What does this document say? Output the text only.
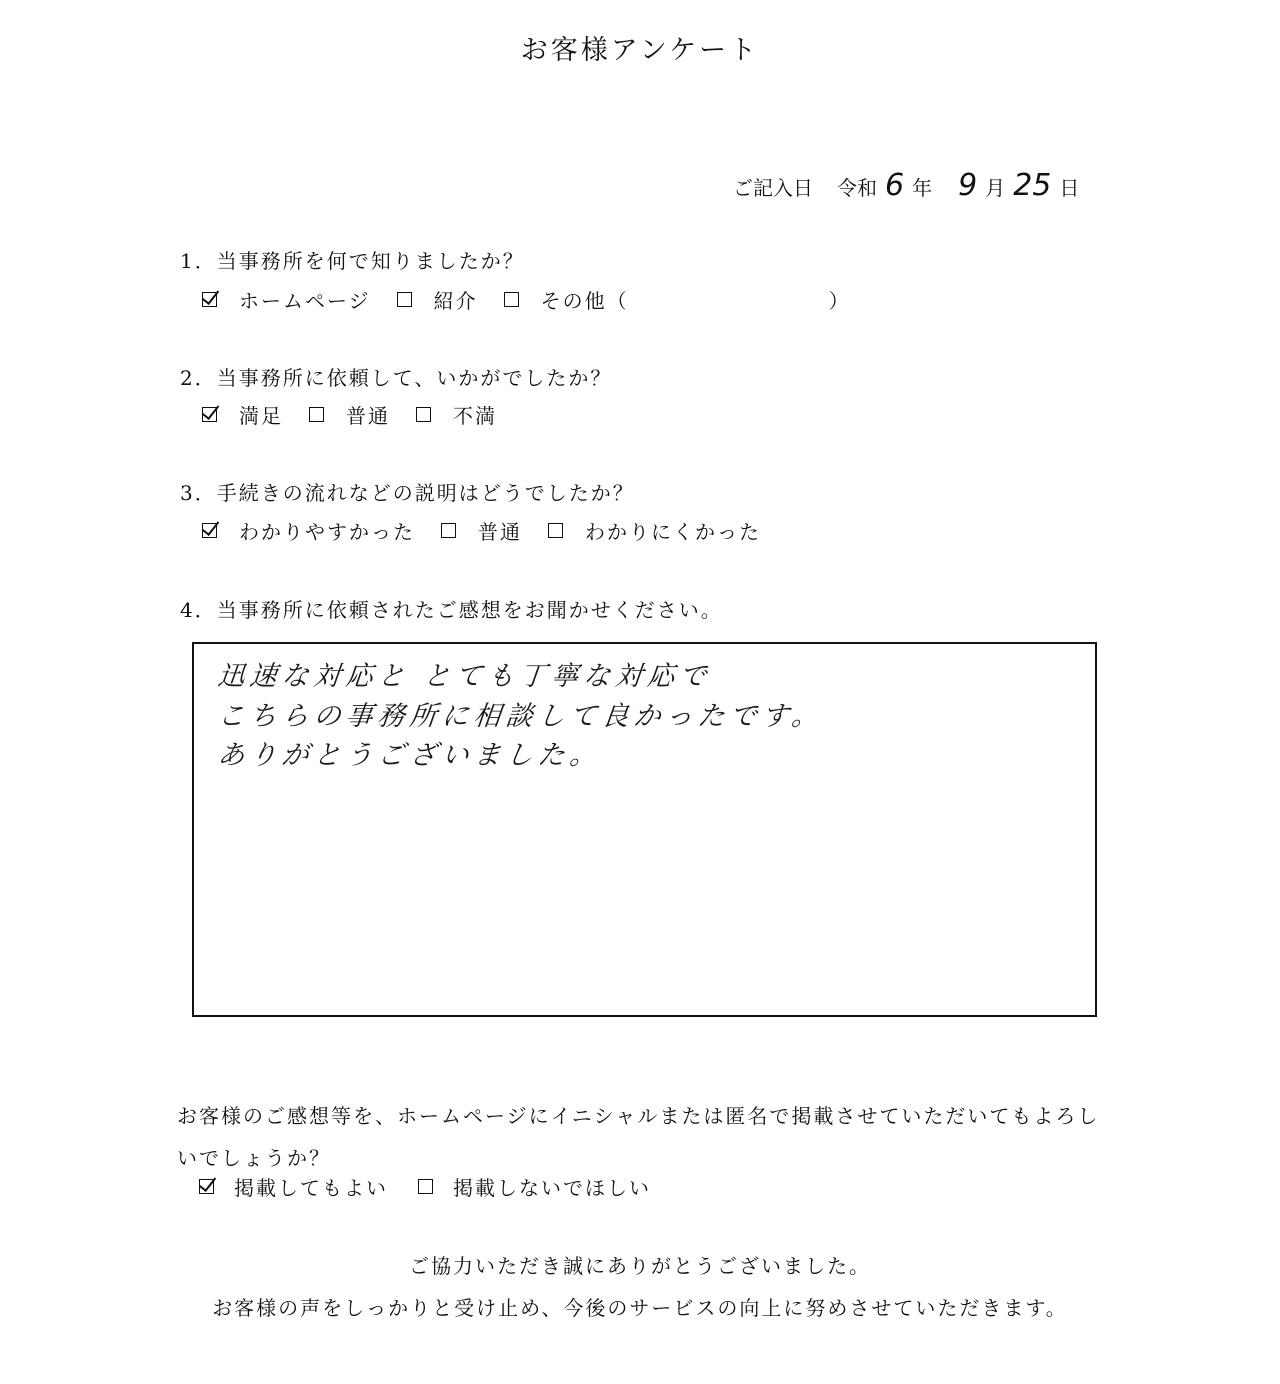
お客様アンケート
ご記入日 令和 6 年 9 月 25 日
1．当事務所を何で知りましたか？
ホームページ	紹介	その他（	）
2．当事務所に依頼して、いかがでしたか？
満足	普通	不満
3．手続きの流れなどの説明はどうでしたか？
わかりやすかった	普通	わかりにくかった
4．当事務所に依頼されたご感想をお聞かせください。
迅速な対応と とても丁寧な対応で
こちらの事務所に相談して良かったです。
ありがとうございました。
お客様のご感想等を、ホームページにイニシャルまたは匿名で掲載させていただいてもよろしいでしょうか？
掲載してもよい	掲載しないでほしい
ご協力いただき誠にありがとうございました。
お客様の声をしっかりと受け止め、今後のサービスの向上に努めさせていただきます。
